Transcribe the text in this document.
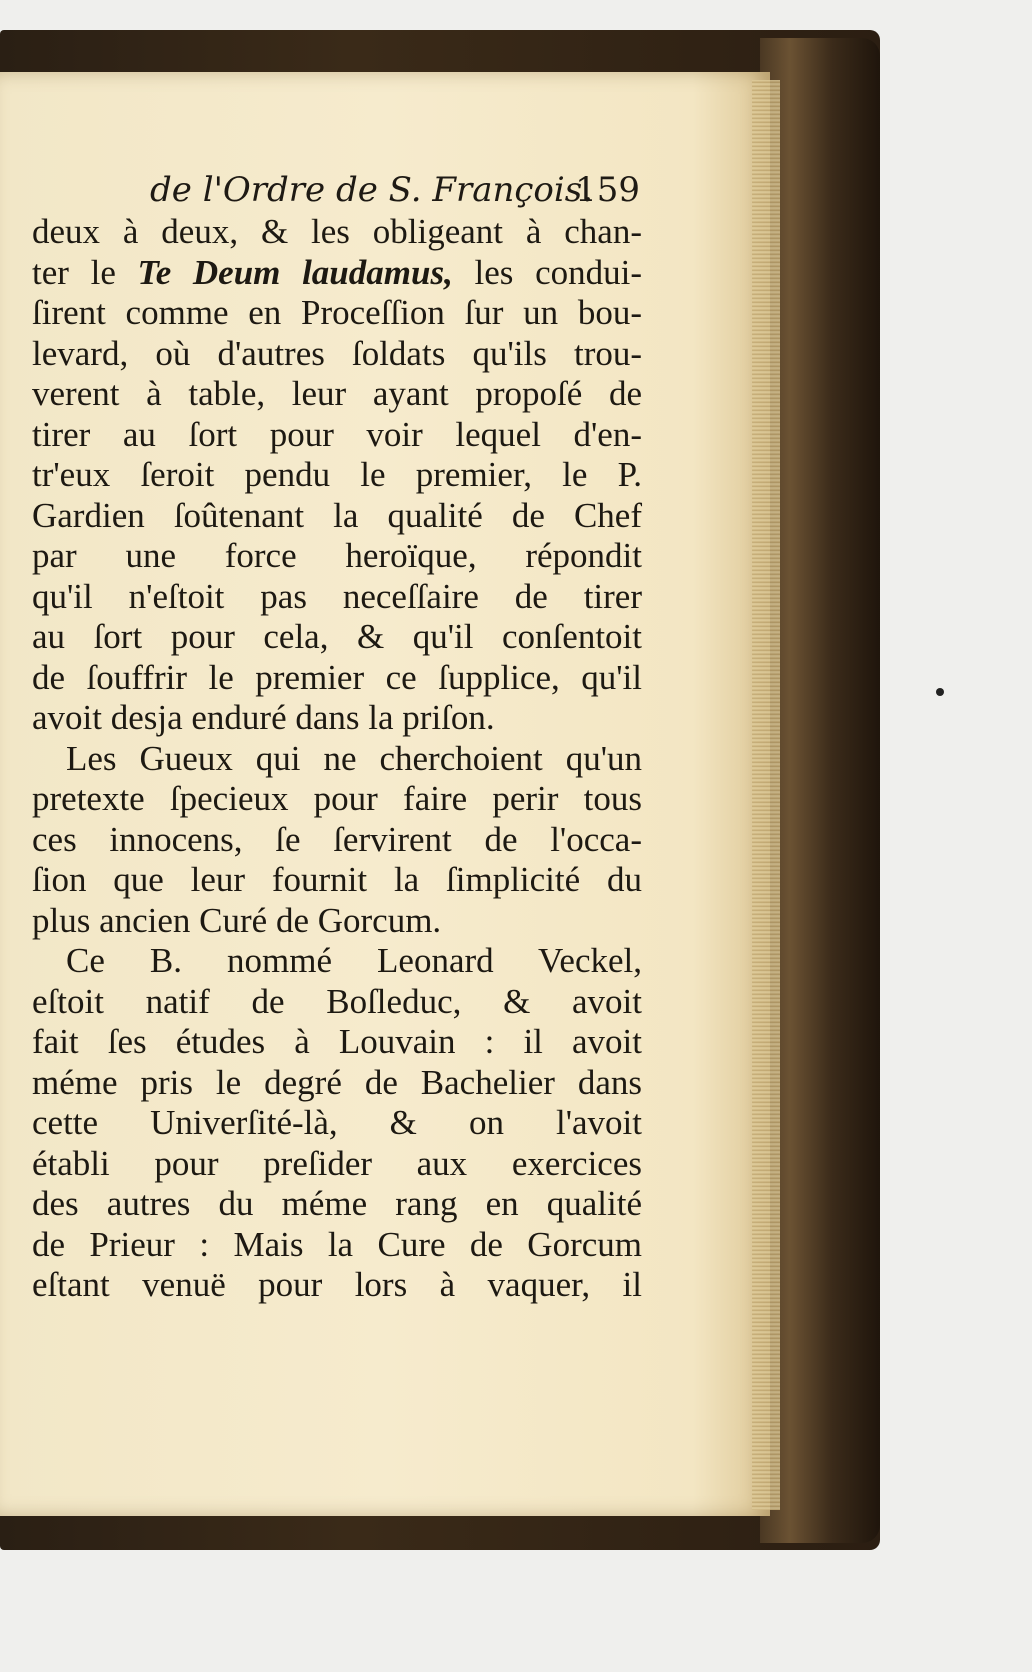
de l'Ordre de S. François.
159
deux à deux, & les obligeant à chan-
ter le Te Deum laudamus, les condui-
ſirent comme en Proceſſion ſur un bou-
levard, où d'autres ſoldats qu'ils trou-
verent à table, leur ayant propoſé de
tirer au ſort pour voir lequel d'en-
tr'eux ſeroit pendu le premier, le P.
Gardien ſoûtenant la qualité de Chef
par une force heroïque, répondit
qu'il n'eſtoit pas neceſſaire de tirer
au ſort pour cela, & qu'il conſentoit
de ſouffrir le premier ce ſupplice, qu'il
avoit desja enduré dans la priſon.
Les Gueux qui ne cherchoient qu'un
pretexte ſpecieux pour faire perir tous
ces innocens, ſe ſervirent de l'occa-
ſion que leur fournit la ſimplicité du
plus ancien Curé de Gorcum.
Ce B. nommé Leonard Veckel,
eſtoit natif de Boſleduc, & avoit
fait ſes études à Louvain : il avoit
méme pris le degré de Bachelier dans
cette Univerſité-là, & on l'avoit
établi pour preſider aux exercices
des autres du méme rang en qualité
de Prieur : Mais la Cure de Gorcum
eſtant venuë pour lors à vaquer, il
